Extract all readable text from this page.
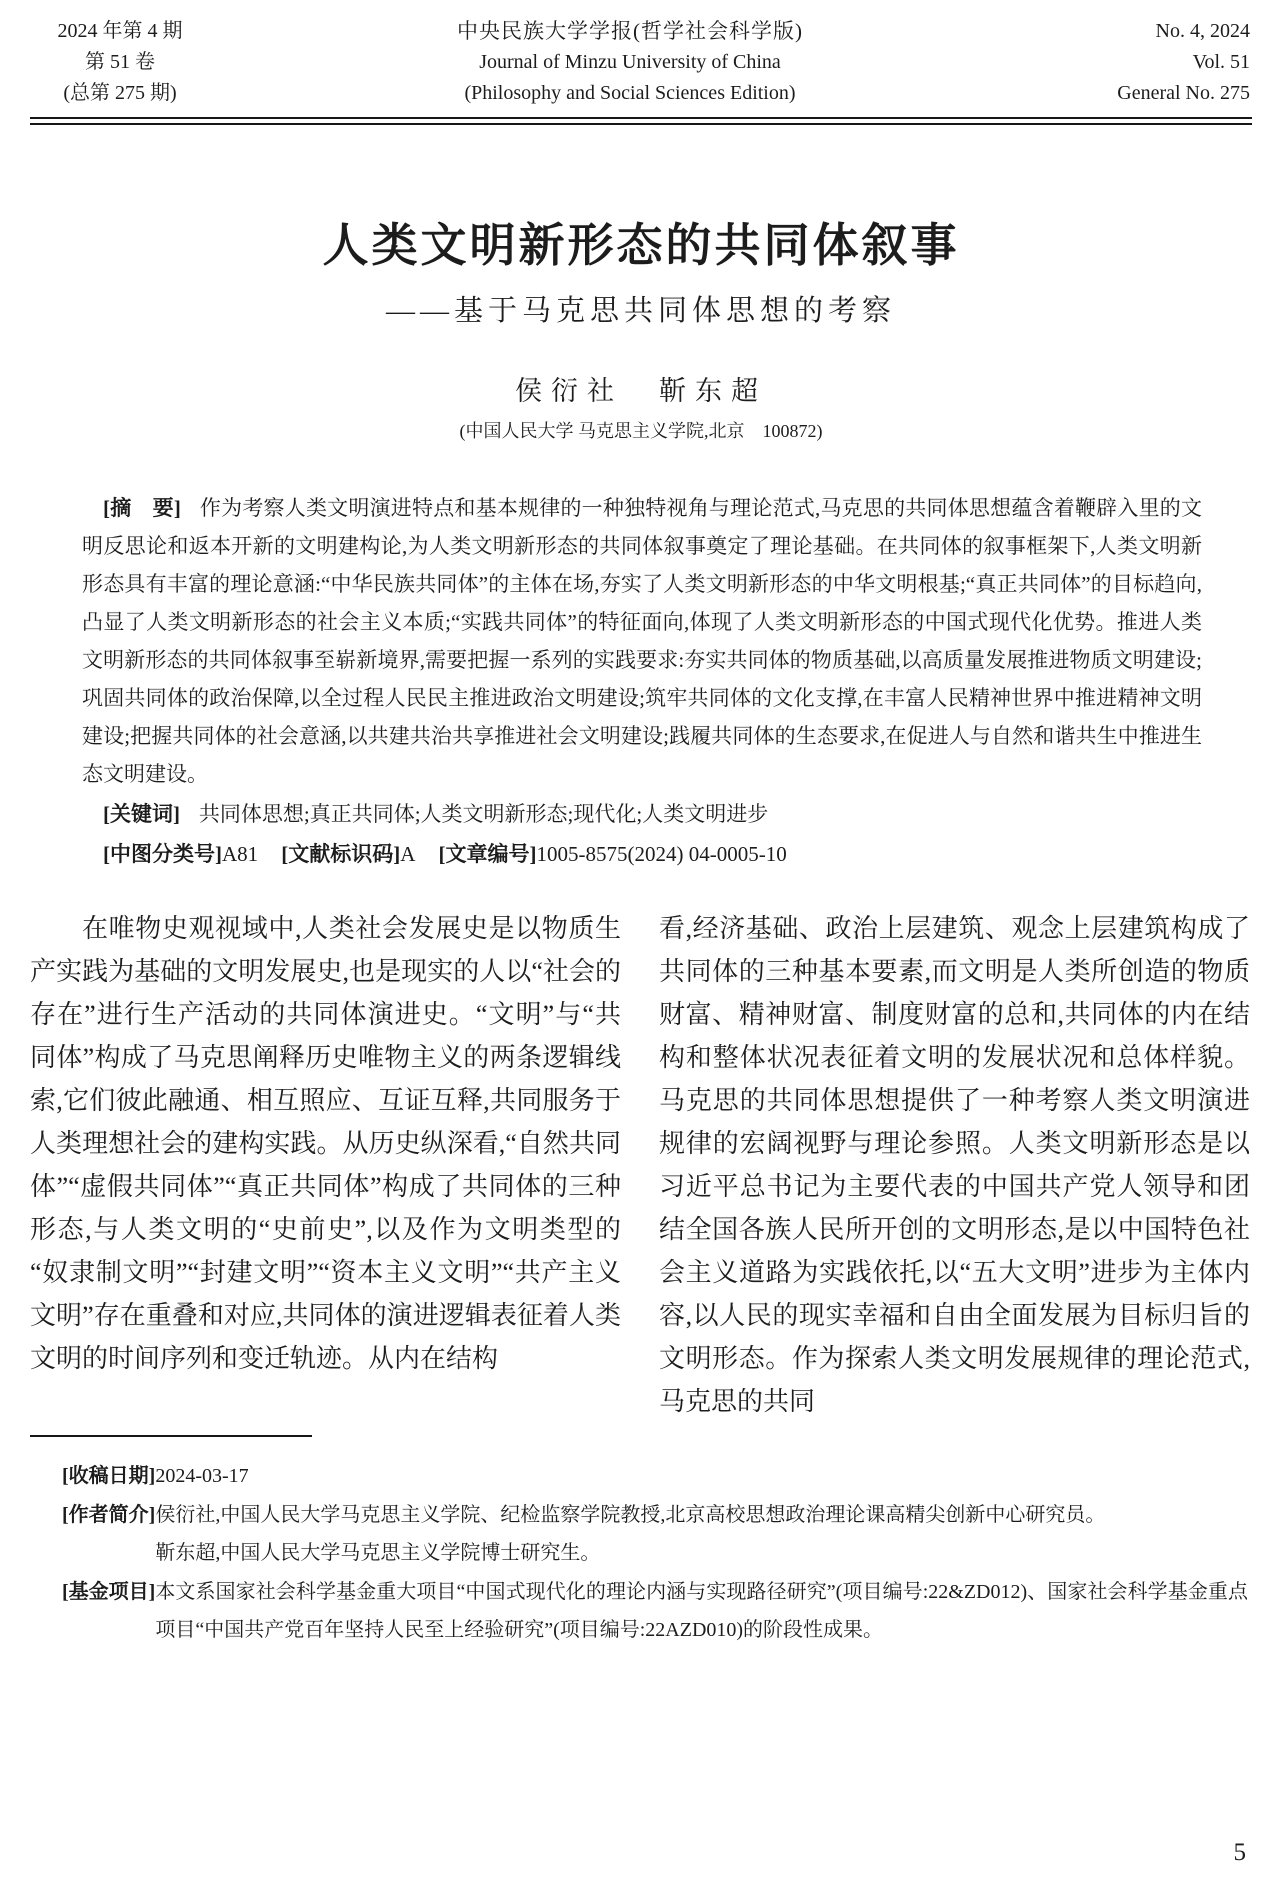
2024 年第 4 期
第 51 卷
(总第 275 期)
中央民族大学学报(哲学社会科学版)
Journal of Minzu University of China
(Philosophy and Social Sciences Edition)
No. 4, 2024
Vol. 51
General No. 275
人类文明新形态的共同体叙事
——基于马克思共同体思想的考察
侯衍社　靳东超
(中国人民大学 马克思主义学院,北京　100872)

[摘　要] 作为考察人类文明演进特点和基本规律的一种独特视角与理论范式,马克思的共同体思想蕴含着鞭辟入里的文明反思论和返本开新的文明建构论,为人类文明新形态的共同体叙事奠定了理论基础。在共同体的叙事框架下,人类文明新形态具有丰富的理论意涵:“中华民族共同体”的主体在场,夯实了人类文明新形态的中华文明根基;“真正共同体”的目标趋向,凸显了人类文明新形态的社会主义本质;“实践共同体”的特征面向,体现了人类文明新形态的中国式现代化优势。推进人类文明新形态的共同体叙事至崭新境界,需要把握一系列的实践要求:夯实共同体的物质基础,以高质量发展推进物质文明建设;巩固共同体的政治保障,以全过程人民民主推进政治文明建设;筑牢共同体的文化支撑,在丰富人民精神世界中推进精神文明建设;把握共同体的社会意涵,以共建共治共享推进社会文明建设;践履共同体的生态要求,在促进人与自然和谐共生中推进生态文明建设。

[关键词] 共同体思想;真正共同体;人类文明新形态;现代化;人类文明进步

[中图分类号]A81 [文献标识码]A [文章编号]1005-8575(2024) 04-0005-10

在唯物史观视域中,人类社会发展史是以物质生产实践为基础的文明发展史,也是现实的人以“社会的存在”进行生产活动的共同体演进史。“文明”与“共同体”构成了马克思阐释历史唯物主义的两条逻辑线索,它们彼此融通、相互照应、互证互释,共同服务于人类理想社会的建构实践。从历史纵深看,“自然共同体”“虚假共同体”“真正共同体”构成了共同体的三种形态,与人类文明的“史前史”,以及作为文明类型的“奴隶制文明”“封建文明”“资本主义文明”“共产主义文明”存在重叠和对应,共同体的演进逻辑表征着人类文明的时间序列和变迁轨迹。从内在结构

看,经济基础、政治上层建筑、观念上层建筑构成了共同体的三种基本要素,而文明是人类所创造的物质财富、精神财富、制度财富的总和,共同体的内在结构和整体状况表征着文明的发展状况和总体样貌。马克思的共同体思想提供了一种考察人类文明演进规律的宏阔视野与理论参照。人类文明新形态是以习近平总书记为主要代表的中国共产党人领导和团结全国各族人民所开创的文明形态,是以中国特色社会主义道路为实践依托,以“五大文明”进步为主体内容,以人民的现实幸福和自由全面发展为目标归旨的文明形态。作为探索人类文明发展规律的理论范式,马克思的共同

[收稿日期] 2024-03-17

[作者简介] 侯衍社,中国人民大学马克思主义学院、纪检监察学院教授,北京高校思想政治理论课高精尖创新中心研究员。

靳东超,中国人民大学马克思主义学院博士研究生。

[基金项目] 本文系国家社会科学基金重大项目“中国式现代化的理论内涵与实现路径研究”(项目编号:22&ZD012)、国家社会科学基金重点项目“中国共产党百年坚持人民至上经验研究”(项目编号:22AZD010)的阶段性成果。

5
